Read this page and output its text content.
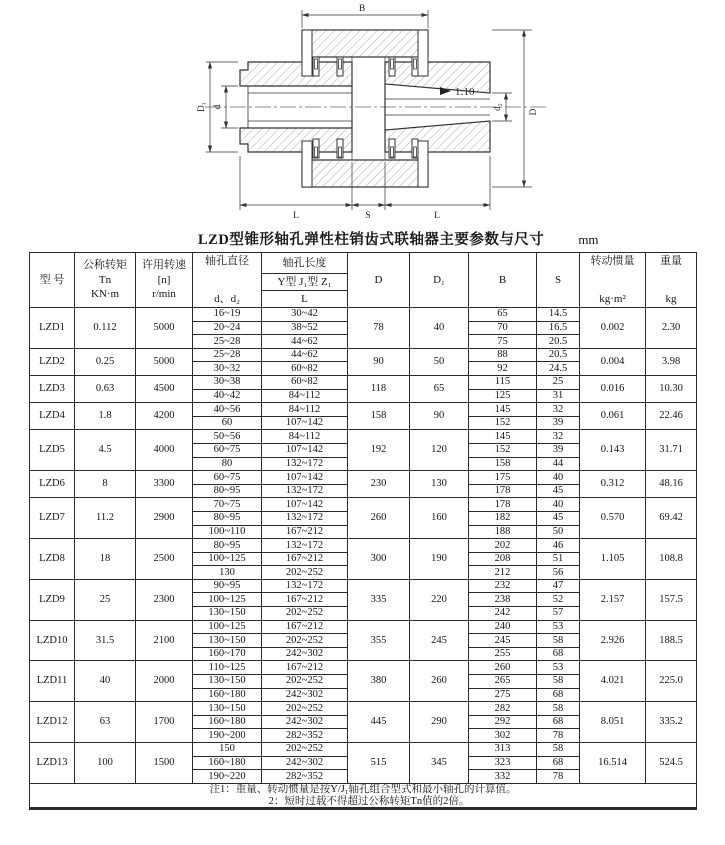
1:10
B
D
d₂
D₁ d
L	S	L
LZD型锥形轴孔弹性柱销齿式联轴器主要参数与尺寸	mm
型 号	
公称转矩
Tn
KN·m

许用转速
[n]
r/min

轴孔直径
d、d₂
	轴孔长度	D	D₁	B	S	
转动惯量
kg·m²

重量
kg

				Y型 J₁型 Z₁						
				L						
LZD1	0.112	5000	16~19	30~42	78	40	65	14.5	0.002	2.30
			20~24	38~52			70	16.5		
			25~28	44~62			75	20.5		
LZD2	0.25	5000	25~28	44~62	90	50	88	20.5	0.004	3.98
			30~32	60~82			92	24.5		
LZD3	0.63	4500	30~38	60~82	118	65	115	25	0.016	10.30
			40~42	84~112			125	31		
LZD4	1.8	4200	40~56	84~112	158	90	145	32	0.061	22.46
			60	107~142			152	39		
LZD5	4.5	4000	50~56	84~112	192	120	145	32	0.143	31.71
			60~75	107~142			152	39		
			80	132~172			158	44		
LZD6	8	3300	60~75	107~142	230	130	175	40	0.312	48.16
			80~95	132~172			178	45		
LZD7	11.2	2900	70~75	107~142	260	160	178	40	0.570	69.42
			80~95	132~172			182	45		
			100~110	167~212			188	50		
LZD8	18	2500	80~95	132~172	300	190	202	46	1.105	108.8
			100~125	167~212			208	51		
			130	202~252			212	56		
LZD9	25	2300	90~95	132~172	335	220	232	47	2.157	157.5
			100~125	167~212			238	52		
			130~150	202~252			242	57		
LZD10	31.5	2100	100~125	167~212	355	245	240	53	2.926	188.5
			130~150	202~252			245	58		
			160~170	242~302			255	68		
LZD11	40	2000	110~125	167~212	380	260	260	53	4.021	225.0
			130~150	202~252			265	58		
			160~180	242~302			275	68		
LZD12	63	1700	130~150	202~252	445	290	282	58	8.051	335.2
			160~180	242~302			292	68		
			190~200	282~352			302	78		
LZD13	100	1500	150	202~252	515	345	313	58	16.514	524.5
			160~180	242~302			323	68		
			190~220	282~352			332	78		

注1：重量、转动惯量是按Y/J₁轴孔组合型式和最小轴孔的计算值。
2：短时过载不得超过公称转矩Tn值的2倍。										
